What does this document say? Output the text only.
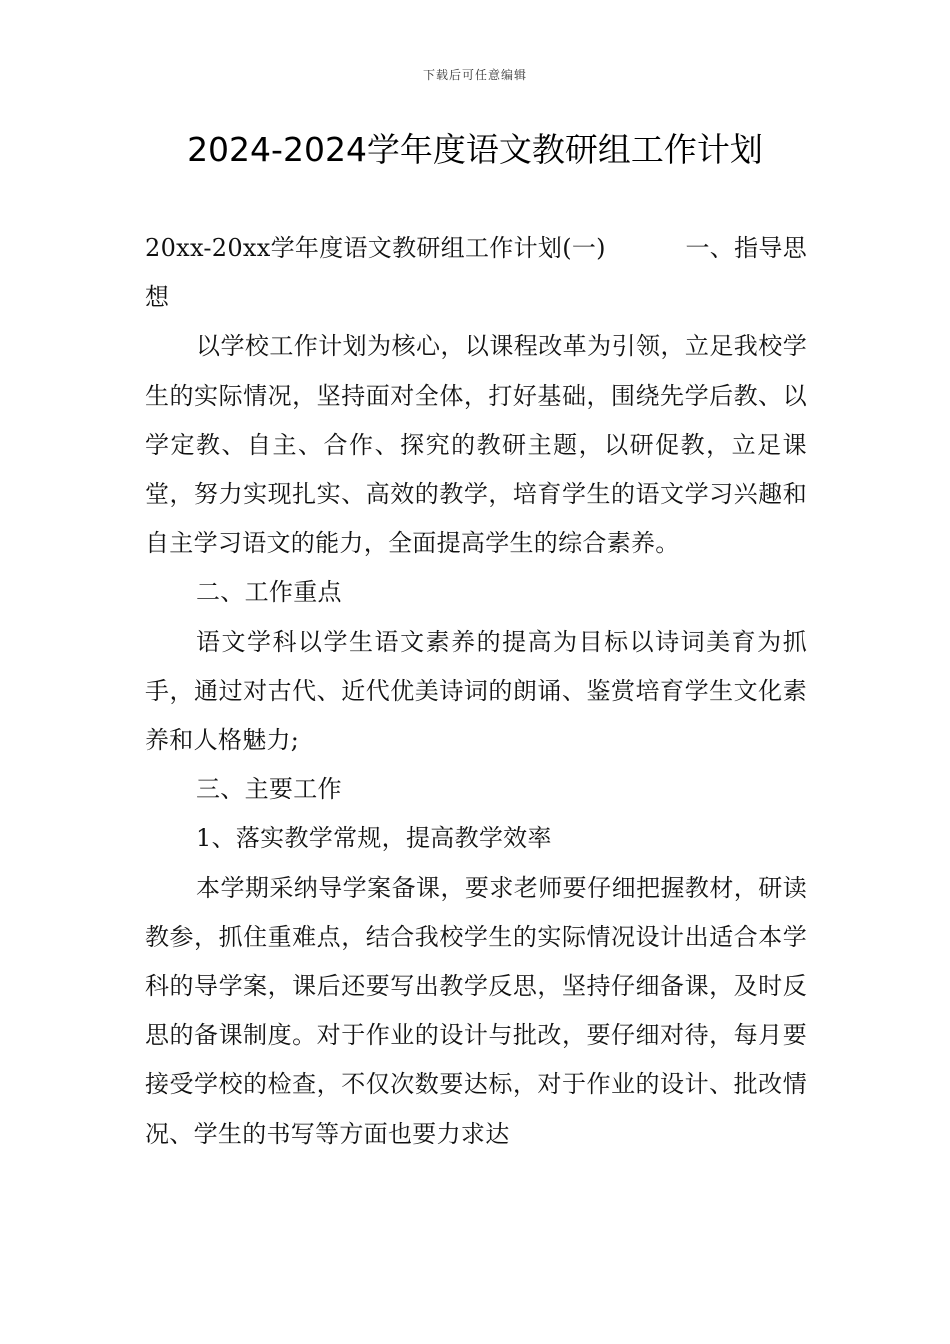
下载后可任意编辑
2024-2024学年度语文教研组工作计划
20xx-20xx学年度语文教研组工作计划(一)	一、指导思

想

以学校工作计划为核心，以课程改革为引领，立足我校学生的实际情况，坚持面对全体，打好基础，围绕先学后教、以学定教、自主、合作、探究的教研主题，以研促教，立足课堂，努力实现扎实、高效的教学，培育学生的语文学习兴趣和自主学习语文的能力，全面提高学生的综合素养。

二、工作重点

语文学科以学生语文素养的提高为目标以诗词美育为抓手，通过对古代、近代优美诗词的朗诵、鉴赏培育学生文化素养和人格魅力;

三、主要工作

1、落实教学常规，提高教学效率

本学期采纳导学案备课，要求老师要仔细把握教材，研读教参，抓住重难点，结合我校学生的实际情况设计出适合本学科的导学案，课后还要写出教学反思，坚持仔细备课，及时反思的备课制度。对于作业的设计与批改，要仔细对待，每月要接受学校的检查，不仅次数要达标，对于作业的设计、批改情况、学生的书写等方面也要力求达
